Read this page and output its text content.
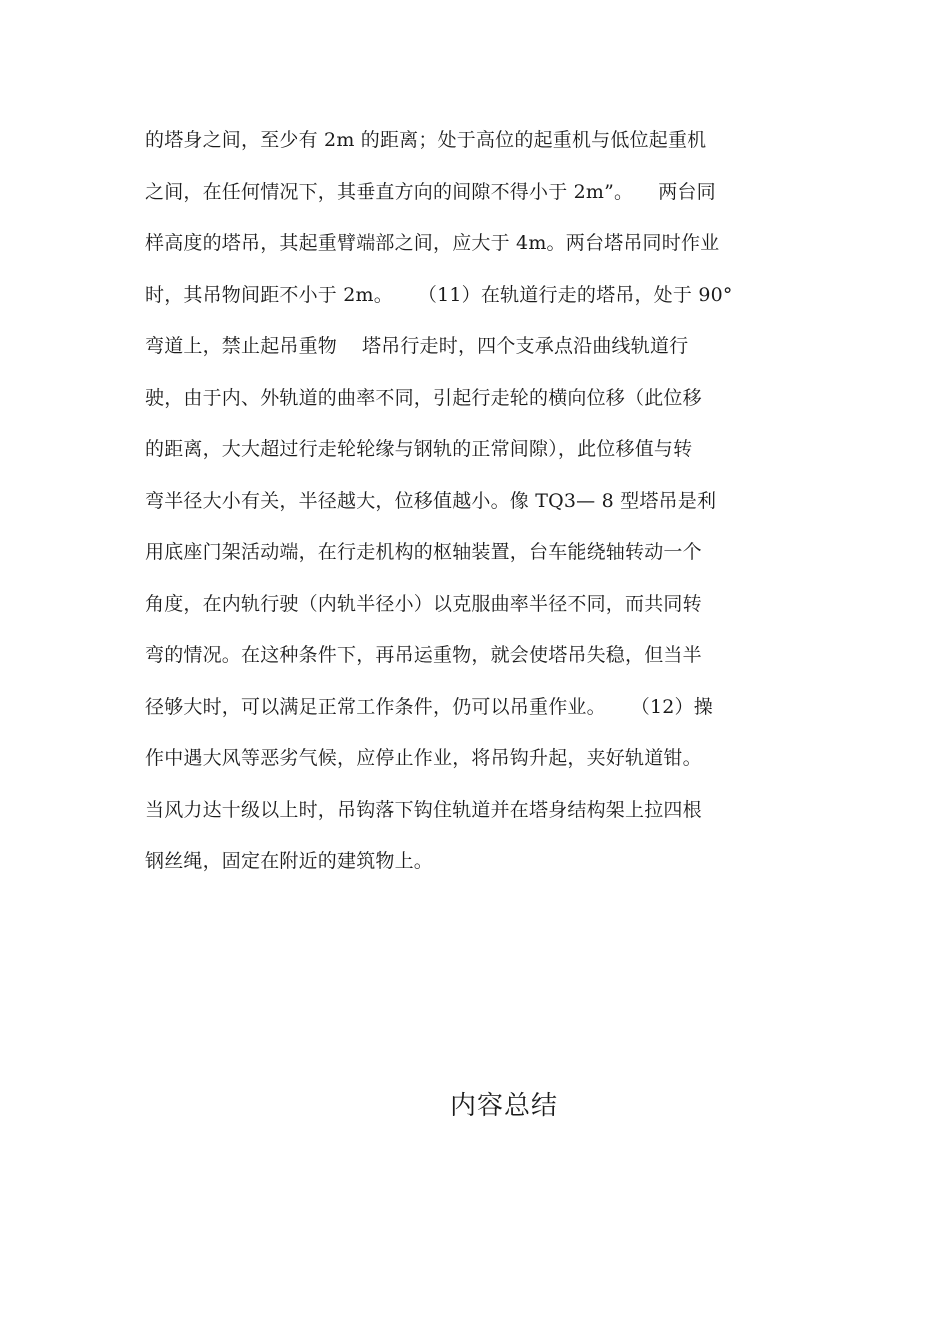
的塔身之间，至少有 2m 的距离；处于高位的起重机与低位起重机
之间，在任何情况下，其垂直方向的间隙不得小于 2m”。    两台同
样高度的塔吊，其起重臂端部之间，应大于 4m。两台塔吊同时作业
时，其吊物间距不小于 2m。    （11）在轨道行走的塔吊，处于 90°
弯道上，禁止起吊重物    塔吊行走时，四个支承点沿曲线轨道行
驶，由于内、外轨道的曲率不同，引起行走轮的横向位移（此位移
的距离，大大超过行走轮轮缘与钢轨的正常间隙），此位移值与转
弯半径大小有关，半径越大，位移值越小。像 TQ3— 8 型塔吊是利
用底座门架活动端，在行走机构的枢轴装置，台车能绕轴转动一个
角度，在内轨行驶（内轨半径小）以克服曲率半径不同，而共同转
弯的情况。在这种条件下，再吊运重物，就会使塔吊失稳，但当半
径够大时，可以满足正常工作条件，仍可以吊重作业。    （12）操
作中遇大风等恶劣气候，应停止作业，将吊钩升起，夹好轨道钳。
当风力达十级以上时，吊钩落下钩住轨道并在塔身结构架上拉四根
钢丝绳，固定在附近的建筑物上。
内容总结
